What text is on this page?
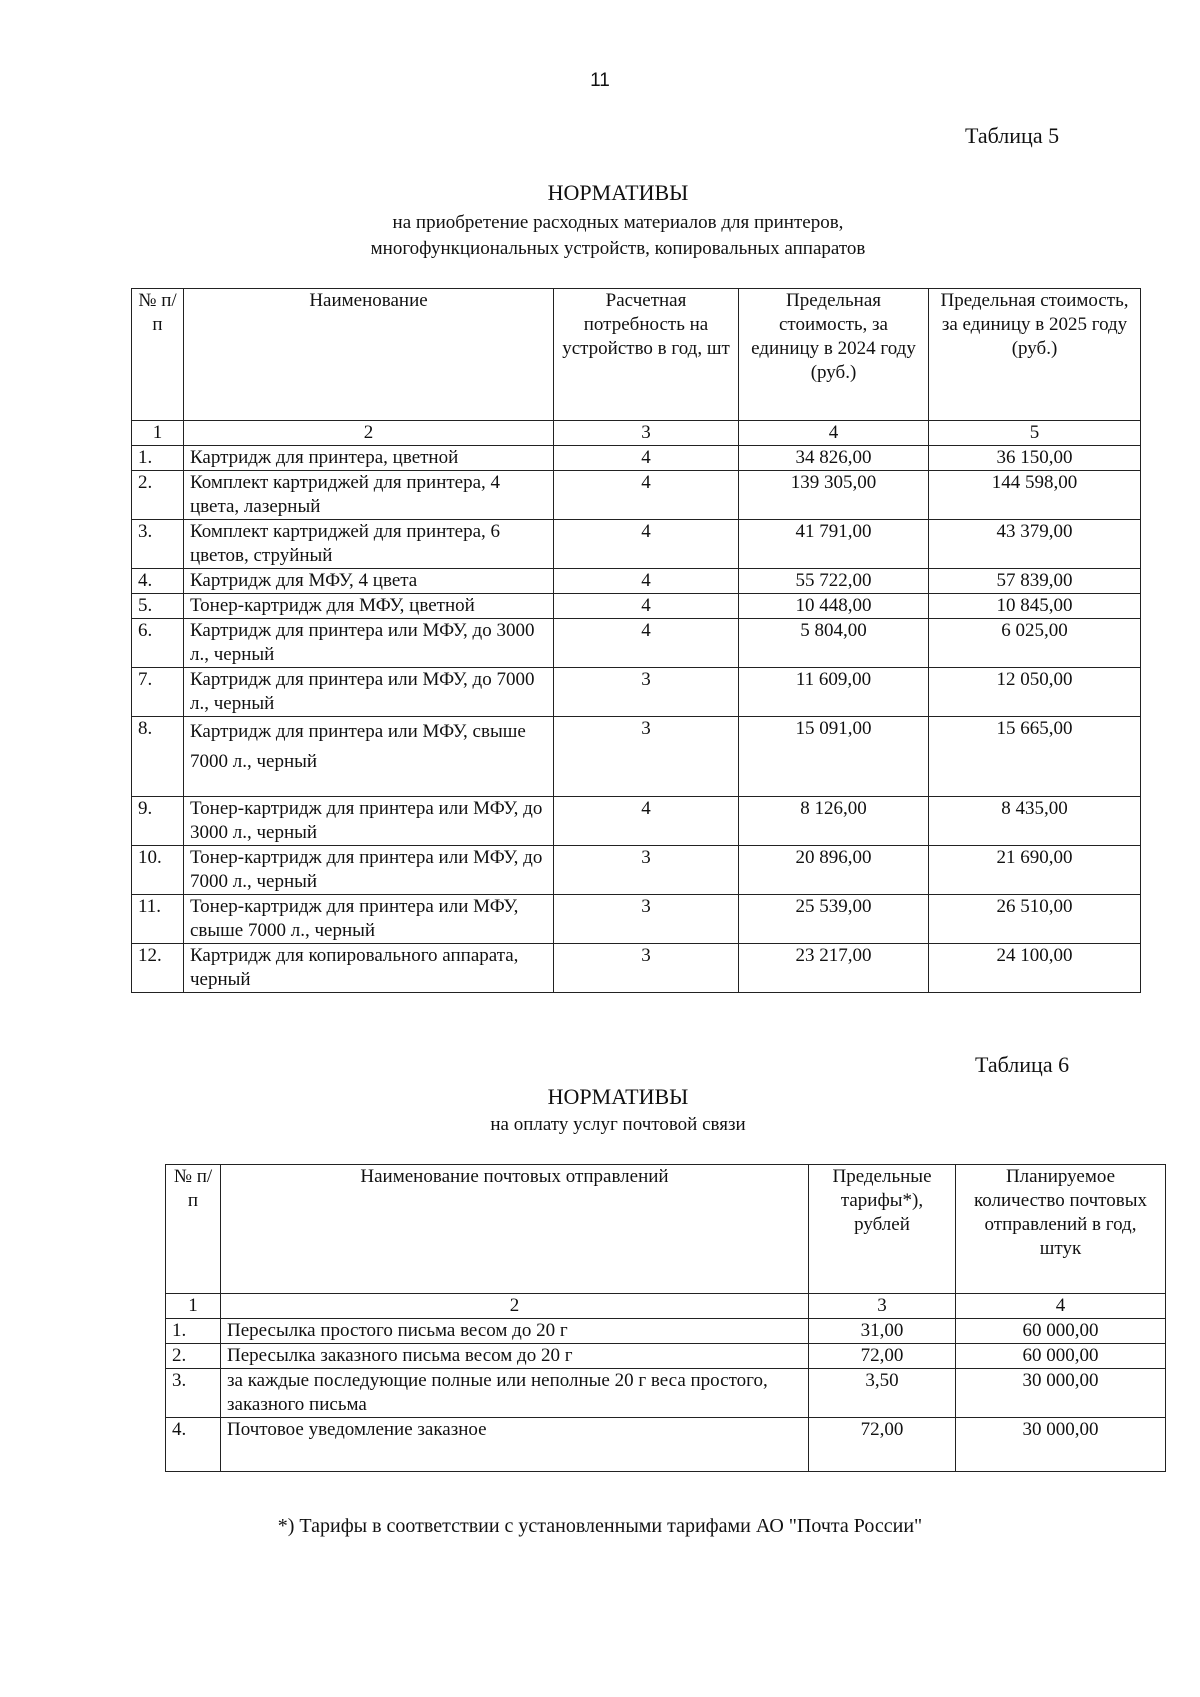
11
Таблица 5
НОРМАТИВЫ
на приобретение расходных материалов для принтеров,
многофункциональных устройств, копировальных аппаратов
№ п/п	Наименование	Расчетная потребность на устройство в год, шт	Предельная стоимость, за единицу в 2024 году (руб.)	Предельная стоимость, за единицу в 2025 году (руб.)
1	2	3	4	5
1.	Картридж для принтера, цветной	4	34 826,00	36 150,00
2.	Комплект картриджей для принтера, 4 цвета, лазерный	4	139 305,00	144 598,00
3.	Комплект картриджей для принтера, 6 цветов, струйный	4	41 791,00	43 379,00
4.	Картридж для МФУ, 4 цвета	4	55 722,00	57 839,00
5.	Тонер-картридж для МФУ, цветной	4	10 448,00	10 845,00
6.	Картридж для принтера или МФУ, до 3000 л., черный	4	5 804,00	6 025,00
7.	Картридж для принтера или МФУ, до 7000 л., черный	3	11 609,00	12 050,00
8.	Картридж для принтера или МФУ, свыше 7000 л., черный	3	15 091,00	15 665,00
9.	Тонер-картридж для принтера или МФУ, до 3000 л., черный	4	8 126,00	8 435,00
10.	Тонер-картридж для принтера или МФУ, до 7000 л., черный	3	20 896,00	21 690,00
11.	Тонер-картридж для принтера или МФУ, свыше 7000 л., черный	3	25 539,00	26 510,00
12.	Картридж для копировального аппарата, черный	3	23 217,00	24 100,00
Таблица 6
НОРМАТИВЫ
на оплату услуг почтовой связи
№ п/п	Наименование почтовых отправлений	Предельные тарифы*), рублей	Планируемое количество почтовых отправлений в год, штук
1	2	3	4
1.	Пересылка простого письма весом до 20 г	31,00	60 000,00
2.	Пересылка заказного письма весом до 20 г	72,00	60 000,00
3.	за каждые последующие полные или неполные 20 г веса простого, заказного письма	3,50	30 000,00
4.	Почтовое уведомление заказное	72,00	30 000,00
*) Тарифы в соответствии с установленными тарифами АО "Почта России"
